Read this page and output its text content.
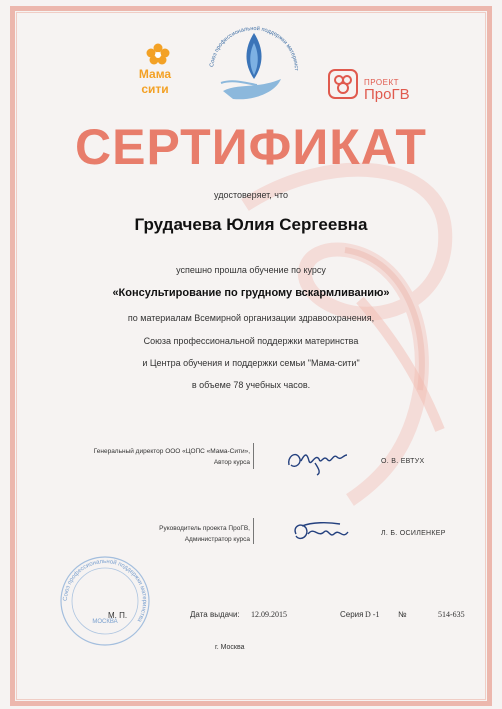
Мама
сити
Союз профессиональной поддержки материнст
ПРОЕКТ
ПроГВ
СЕРТИФИКАТ
удостоверяет, что
Грудачева Юлия Сергеевна
успешно прошла обучение по курсу
«Консультирование по грудному вскармливанию»
по материалам Всемирной организации здравоохранения,
Союза профессиональной поддержки материнства
и Центра обучения и поддержки семьи "Мама-сити"
в объеме 78 учебных часов.
Генеральный директор ООО «ЦОПС «Мама-Сити»,
Автор курса	О. В. ЕВТУХ
Руководитель проекта ПроГВ,
Администратор курса
Л. Б. ОСИЛЕНКЕР
Союз профессиональной поддержки материнства
МОСКВА
М. П.	Дата выдачи: 12.09.2015	Серия D -1 №	514-635
г. Москва
